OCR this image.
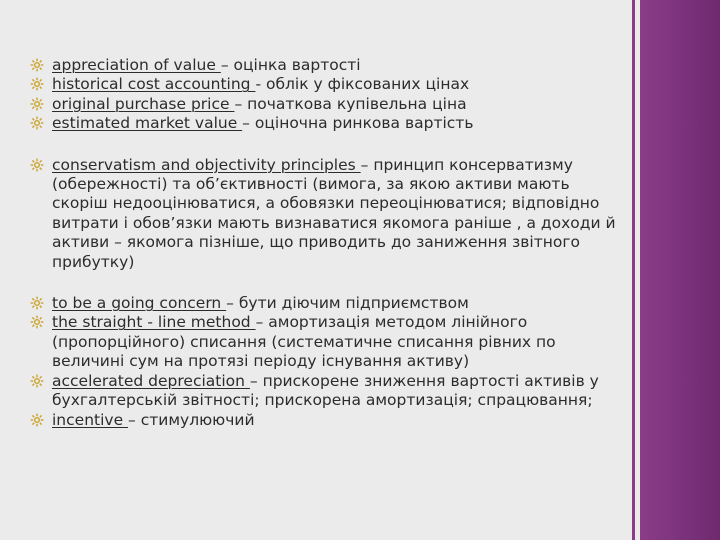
appreciation of value – оцінка вартості
historical cost accounting - облік у фіксованих цінах
original purchase price – початкова купівельна ціна
estimated market value – оціночна ринкова вартість
conservatism and objectivity principles – принцип консерватизму (обережності) та об’єктивності (вимога, за якою активи мають скоріш недооцінюватися, а обовязки переоцінюватися; відповідно витрати і обов’язки мають визнаватися якомога раніше , а доходи й активи – якомога пізніше, що приводить до заниження звітного прибутку)
to be a going concern – бути діючим підприємством
the straight - line method – амортизація методом лінійного (пропорційного) списання (систематичне списання рівних по величині сум на протязі періоду існування активу)
accelerated depreciation – прискорене зниження вартості активів у бухгалтерській звітності; прискорена амортизація; спрацювання;
incentive – стимулюючий
